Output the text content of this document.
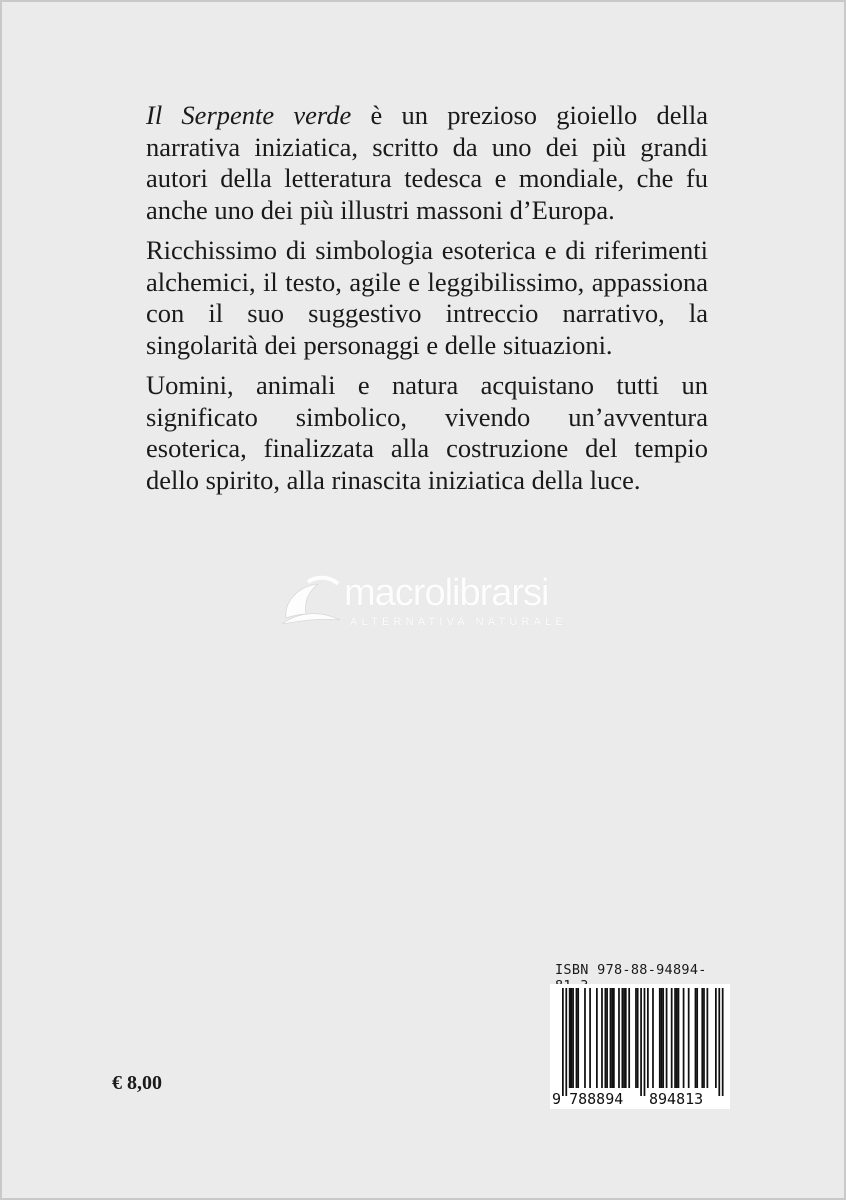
Il Serpente verde è un prezioso gioiello della narrativa iniziatica, scritto da uno dei più grandi autori della letteratura tedesca e mondiale, che fu anche uno dei più illustri massoni d’Europa.

Ricchissimo di simbologia esoterica e di riferimenti alchemici, il testo, agile e leggibilissimo, appassiona con il suo suggestivo intreccio narrativo, la singolarità dei personaggi e delle situazioni.

Uomini, animali e natura acquistano tutti un significato simbolico, vivendo un’avventura esoterica, finalizzata alla costruzione del tempio dello spirito, alla rinascita iniziatica della luce.

macrolibrarsi
ALTERNATIVA NATURALE
ISBN 978-88-94894-
9 788894 894813
€ 8,00
